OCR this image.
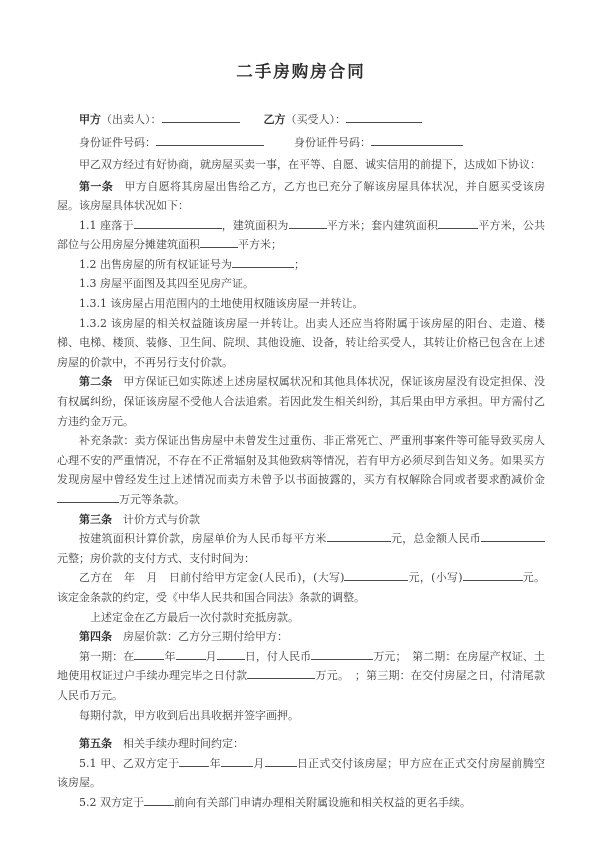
二手房购房合同

甲方（出卖人）：	乙方（买受人）：

身份证件号码：	身份证件号码：

甲乙双方经过有好协商，就房屋买卖一事，在平等、自愿、诚实信用的前提下，达成如下协议：

第一条　甲方自愿将其房屋出售给乙方，乙方也已充分了解该房屋具体状况，并自愿买受该房屋。该房屋具体状况如下：

1.1 座落于	，建筑面积为	平方米；套内建筑面积	平方米，公共部位与公用房屋分摊建筑面积	平方米；

1.2 出售房屋的所有权证证号为	；

1.3 房屋平面图及其四至见房产证。

1.3.1 该房屋占用范围内的土地使用权随该房屋一并转让。

1.3.2 该房屋的相关权益随该房屋一并转让。出卖人还应当将附属于该房屋的阳台、走道、楼梯、电梯、楼顶、装修、卫生间、院坝、其他设施、设备，转让给买受人，其转让价格已包含在上述房屋的价款中，不再另行支付价款。

第二条　甲方保证已如实陈述上述房屋权属状况和其他具体状况，保证该房屋没有设定担保、没有权属纠纷，保证该房屋不受他人合法追索。若因此发生相关纠纷，其后果由甲方承担。甲方需付乙方违约金万元。

补充条款：卖方保证出售房屋中未曾发生过重伤、非正常死亡、严重刑事案件等可能导致买房人心理不安的严重情况，不存在不正常辐射及其他致病等情况，若有甲方必须尽到告知义务。如果买方发现房屋中曾经发生过上述情况而卖方未曾予以书面披露的，买方有权解除合同或者要求酌减价金万元等条款。

第三条　计价方式与价款

按建筑面积计算价款，房屋单价为人民币每平方米	元，总金额人民币元整；房价款的支付方式、支付时间为：

乙方在　年　月　日前付给甲方定金(人民币)，(大写)	元，(小写)	元。该定金条款的约定，受《中华人民共和国合同法》条款的调整。

上述定金在乙方最后一次付款时充抵房款。

第四条　房屋价款：乙方分三期付给甲方：

第一期：在	年	月	日，付人民币	万元；　第二期：在房屋产权证、土地使用权证过户手续办理完毕之日付款	万元。　；第三期：在交付房屋之日，付清尾款人民币万元。

每期付款，甲方收到后出具收据并签字画押。

第五条　相关手续办理时间约定：

5.1 甲、乙双方定于	年	月	日正式交付该房屋；甲方应在正式交付房屋前腾空该房屋。

5.2 双方定于	前向有关部门申请办理相关附属设施和相关权益的更名手续。
